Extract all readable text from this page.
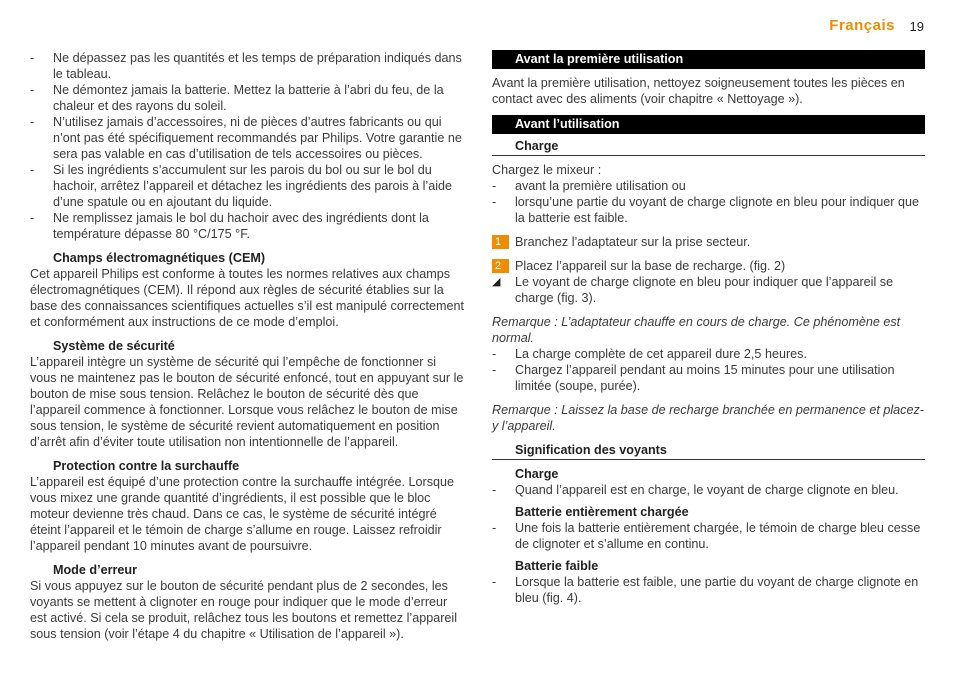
Français 19

- Ne dépassez pas les quantités et les temps de préparation indiqués dans le tableau.

- Ne démontez jamais la batterie. Mettez la batterie à l’abri du feu, de la chaleur et des rayons du soleil.

- N’utilisez jamais d’accessoires, ni de pièces d’autres fabricants ou qui n’ont pas été spécifiquement recommandés par Philips. Votre garantie ne sera pas valable en cas d’utilisation de tels accessoires ou pièces.

- Si les ingrédients s’accumulent sur les parois du bol ou sur le bol du hachoir, arrêtez l’appareil et détachez les ingrédients des parois à l’aide d’une spatule ou en ajoutant du liquide.

- Ne remplissez jamais le bol du hachoir avec des ingrédients dont la température dépasse 80 °C/175 °F.

Champs électromagnétiques (CEM)

Cet appareil Philips est conforme à toutes les normes relatives aux champs électromagnétiques (CEM). Il répond aux règles de sécurité établies sur la base des connaissances scientifiques actuelles s’il est manipulé correctement et conformément aux instructions de ce mode d’emploi.

Système de sécurité

L’appareil intègre un système de sécurité qui l’empêche de fonctionner si vous ne maintenez pas le bouton de sécurité enfoncé, tout en appuyant sur le bouton de mise sous tension. Relâchez le bouton de sécurité dès que l’appareil commence à fonctionner. Lorsque vous relâchez le bouton de mise sous tension, le système de sécurité revient automatiquement en position d’arrêt afin d’éviter toute utilisation non intentionnelle de l’appareil.

Protection contre la surchauffe

L’appareil est équipé d’une protection contre la surchauffe intégrée. Lorsque vous mixez une grande quantité d’ingrédients, il est possible que le bloc moteur devienne très chaud. Dans ce cas, le système de sécurité intégré éteint l’appareil et le témoin de charge s’allume en rouge. Laissez refroidir l’appareil pendant 10 minutes avant de poursuivre.

Mode d’erreur

Si vous appuyez sur le bouton de sécurité pendant plus de 2 secondes, les voyants se mettent à clignoter en rouge pour indiquer que le mode d’erreur est activé. Si cela se produit, relâchez tous les boutons et remettez l’appareil sous tension (voir l’étape 4 du chapitre « Utilisation de l’appareil »).

Avant la première utilisation

Avant la première utilisation, nettoyez soigneusement toutes les pièces en contact avec des aliments (voir chapitre « Nettoyage »).

Avant l’utilisation
Charge

Chargez le mixeur :

- avant la première utilisation ou

- lorsqu’une partie du voyant de charge clignote en bleu pour indiquer que la batterie est faible.

1	Branchez l’adaptateur sur la prise secteur.
2	Placez l’appareil sur la base de recharge. (fig. 2)
◢ Le voyant de charge clignote en bleu pour indiquer que l’appareil se charge (fig. 3).

Remarque : L’adaptateur chauffe en cours de charge. Ce phénomène est normal.

- La charge complète de cet appareil dure 2,5 heures.

- Chargez l’appareil pendant au moins 15 minutes pour une utilisation limitée (soupe, purée).

Remarque : Laissez la base de recharge branchée en permanence et placez-y l’appareil.

Signification des voyants
Charge

- Quand l’appareil est en charge, le voyant de charge clignote en bleu.

Batterie entièrement chargée

- Une fois la batterie entièrement chargée, le témoin de charge bleu cesse de clignoter et s’allume en continu.

Batterie faible

- Lorsque la batterie est faible, une partie du voyant de charge clignote en bleu (fig. 4).
